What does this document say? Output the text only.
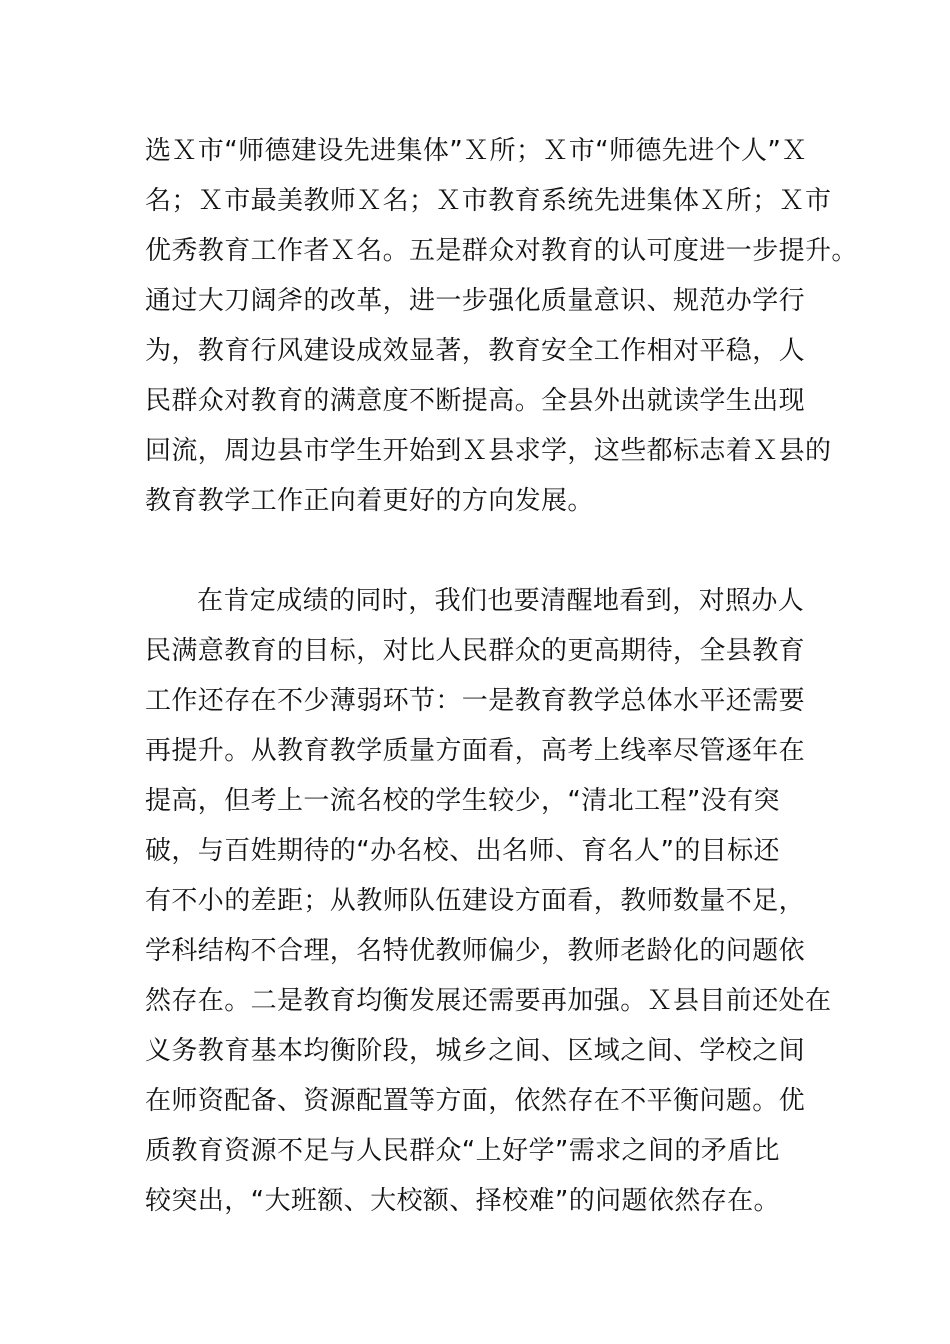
选Ｘ市“师德建设先进集体”Ｘ所；Ｘ市“师德先进个人”Ｘ
名；Ｘ市最美教师Ｘ名；Ｘ市教育系统先进集体Ｘ所；Ｘ市
优秀教育工作者Ｘ名。五是群众对教育的认可度进一步提升。
通过大刀阔斧的改革，进一步强化质量意识、规范办学行
为，教育行风建设成效显著，教育安全工作相对平稳，人
民群众对教育的满意度不断提高。全县外出就读学生出现
回流，周边县市学生开始到Ｘ县求学，这些都标志着Ｘ县的
教育教学工作正向着更好的方向发展。
在肯定成绩的同时，我们也要清醒地看到，对照办人
民满意教育的目标，对比人民群众的更高期待，全县教育
工作还存在不少薄弱环节：一是教育教学总体水平还需要
再提升。从教育教学质量方面看，高考上线率尽管逐年在
提高，但考上一流名校的学生较少，“清北工程”没有突
破，与百姓期待的“办名校、出名师、育名人”的目标还
有不小的差距；从教师队伍建设方面看，教师数量不足，
学科结构不合理，名特优教师偏少，教师老龄化的问题依
然存在。二是教育均衡发展还需要再加强。Ｘ县目前还处在
义务教育基本均衡阶段，城乡之间、区域之间、学校之间
在师资配备、资源配置等方面，依然存在不平衡问题。优
质教育资源不足与人民群众“上好学”需求之间的矛盾比
较突出，“大班额、大校额、择校难”的问题依然存在。
